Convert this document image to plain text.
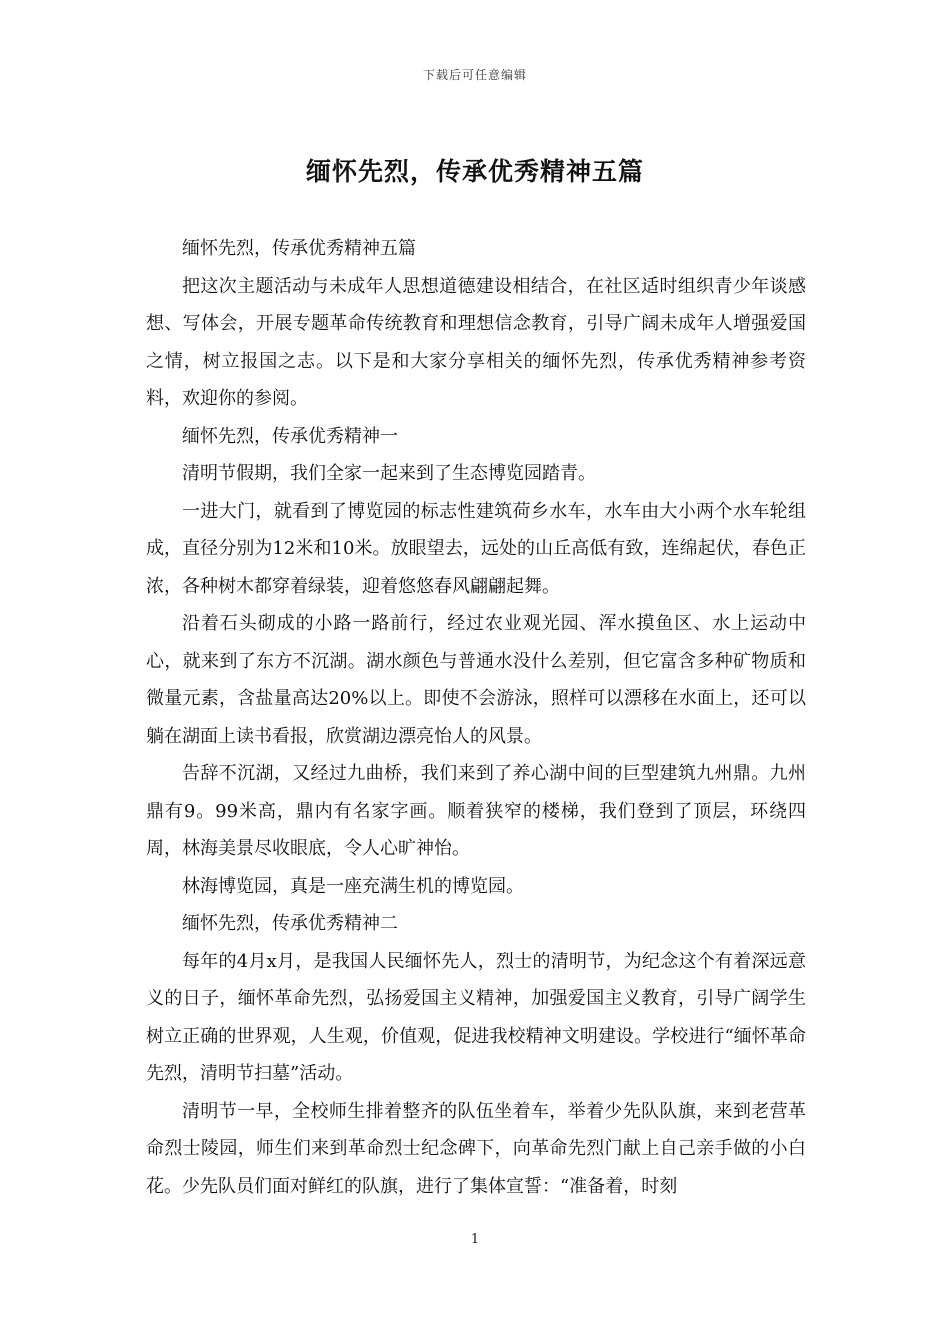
下载后可任意编辑
缅怀先烈，传承优秀精神五篇

缅怀先烈，传承优秀精神五篇

把这次主题活动与未成年人思想道德建设相结合，在社区适时组织青少年谈感想、写体会，开展专题革命传统教育和理想信念教育，引导广阔未成年人增强爱国之情，树立报国之志。以下是和大家分享相关的缅怀先烈，传承优秀精神参考资料，欢迎你的参阅。

缅怀先烈，传承优秀精神一

清明节假期，我们全家一起来到了生态博览园踏青。

一进大门，就看到了博览园的标志性建筑荷乡水车，水车由大小两个水车轮组成，直径分别为12米和10米。放眼望去，远处的山丘高低有致，连绵起伏，春色正浓，各种树木都穿着绿装，迎着悠悠春风翩翩起舞。

沿着石头砌成的小路一路前行，经过农业观光园、浑水摸鱼区、水上运动中心，就来到了东方不沉湖。湖水颜色与普通水没什么差别，但它富含多种矿物质和微量元素，含盐量高达20%以上。即使不会游泳，照样可以漂移在水面上，还可以躺在湖面上读书看报，欣赏湖边漂亮怡人的风景。

告辞不沉湖，又经过九曲桥，我们来到了养心湖中间的巨型建筑九州鼎。九州鼎有9。99米高，鼎内有名家字画。顺着狭窄的楼梯，我们登到了顶层，环绕四周，林海美景尽收眼底，令人心旷神怡。

林海博览园，真是一座充满生机的博览园。

缅怀先烈，传承优秀精神二

每年的4月x月，是我国人民缅怀先人，烈士的清明节，为纪念这个有着深远意义的日子，缅怀革命先烈，弘扬爱国主义精神，加强爱国主义教育，引导广阔学生树立正确的世界观，人生观，价值观，促进我校精神文明建设。学校进行“缅怀革命先烈，清明节扫墓”活动。

清明节一早，全校师生排着整齐的队伍坐着车，举着少先队队旗，来到老营革命烈士陵园，师生们来到革命烈士纪念碑下，向革命先烈门献上自己亲手做的小白花。少先队员们面对鲜红的队旗，进行了集体宣誓：“准备着，时刻

1
